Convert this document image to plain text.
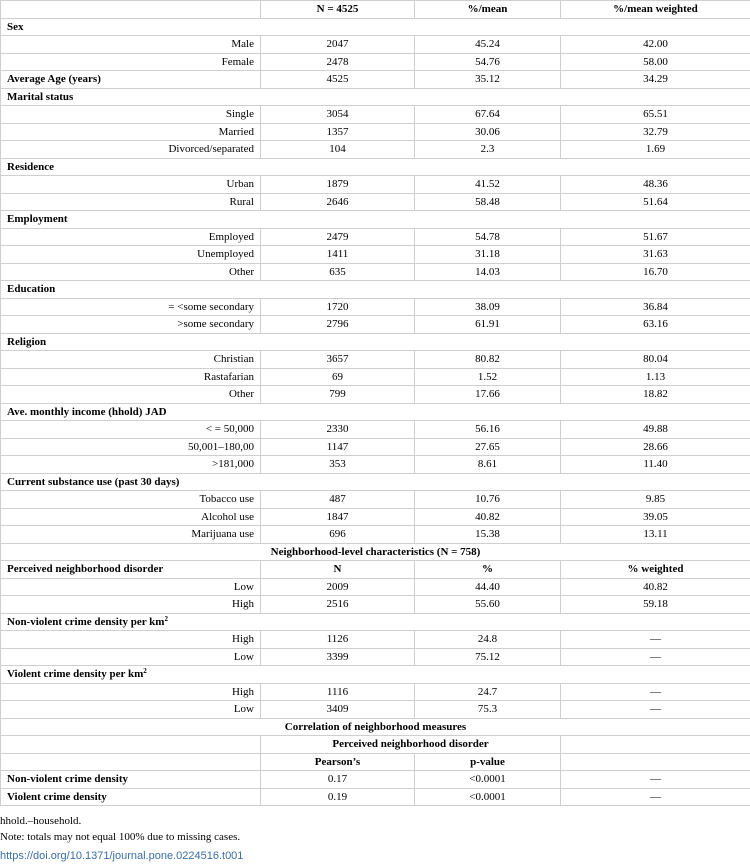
	N = 4525	%/mean	%/mean weighted
Sex			
Male	2047	45.24	42.00
Female	2478	54.76	58.00
Average Age (years)	4525	35.12	34.29
Marital status			
Single	3054	67.64	65.51
Married	1357	30.06	32.79
Divorced/separated	104	2.3	1.69
Residence			
Urban	1879	41.52	48.36
Rural	2646	58.48	51.64
Employment			
Employed	2479	54.78	51.67
Unemployed	1411	31.18	31.63
Other	635	14.03	16.70
Education			
= <some secondary	1720	38.09	36.84
>some secondary	2796	61.91	63.16
Religion			
Christian	3657	80.82	80.04
Rastafarian	69	1.52	1.13
Other	799	17.66	18.82
Ave. monthly income (hhold) JAD			
< = 50,000	2330	56.16	49.88
50,001–180,00	1147	27.65	28.66
>181,000	353	8.61	11.40
Current substance use (past 30 days)			
Tobacco use	487	10.76	9.85
Alcohol use	1847	40.82	39.05
Marijuana use	696	15.38	13.11
Neighborhood-level characteristics (N = 758)			
Perceived neighborhood disorder	N	%	% weighted
Low	2009	44.40	40.82
High	2516	55.60	59.18
Non-violent crime density per $km^2$
High	1126	24.8	—
Low	3399	75.12	—
Violent crime density per $km^2$
High	1116	24.7	—
Low	3409	75.3	—
Correlation of neighborhood measures			
	Perceived neighborhood disorder		
	Pearson’s	p-value	
Non-violent crime density	0.17	<0.0001	—
Violent crime density	0.19	<0.0001	—
hhold.–household.
Note: totals may not equal 100% due to missing cases.
https://doi.org/10.1371/journal.pone.0224516.t001
